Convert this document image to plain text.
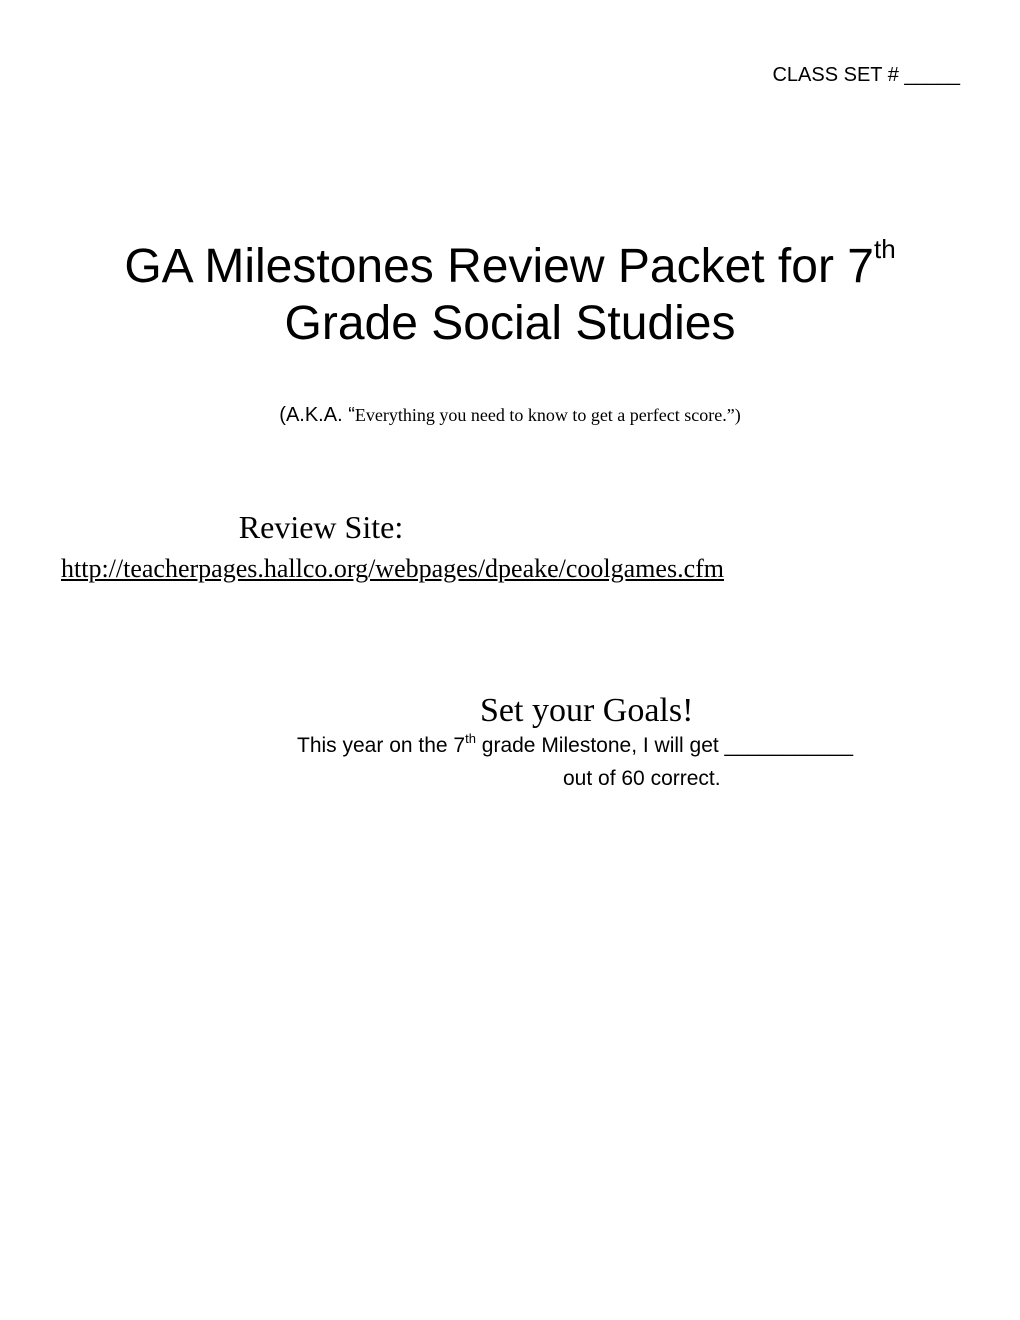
CLASS SET # _____
GA Milestones Review Packet for 7th
Grade Social Studies
(A.K.A. “Everything you need to know to get a perfect score.”)
Review Site:
http://teacherpages.hallco.org/webpages/dpeake/coolgames.cfm
Set your Goals!
This year on the 7th grade Milestone, I will get ___________
out of 60 correct.
